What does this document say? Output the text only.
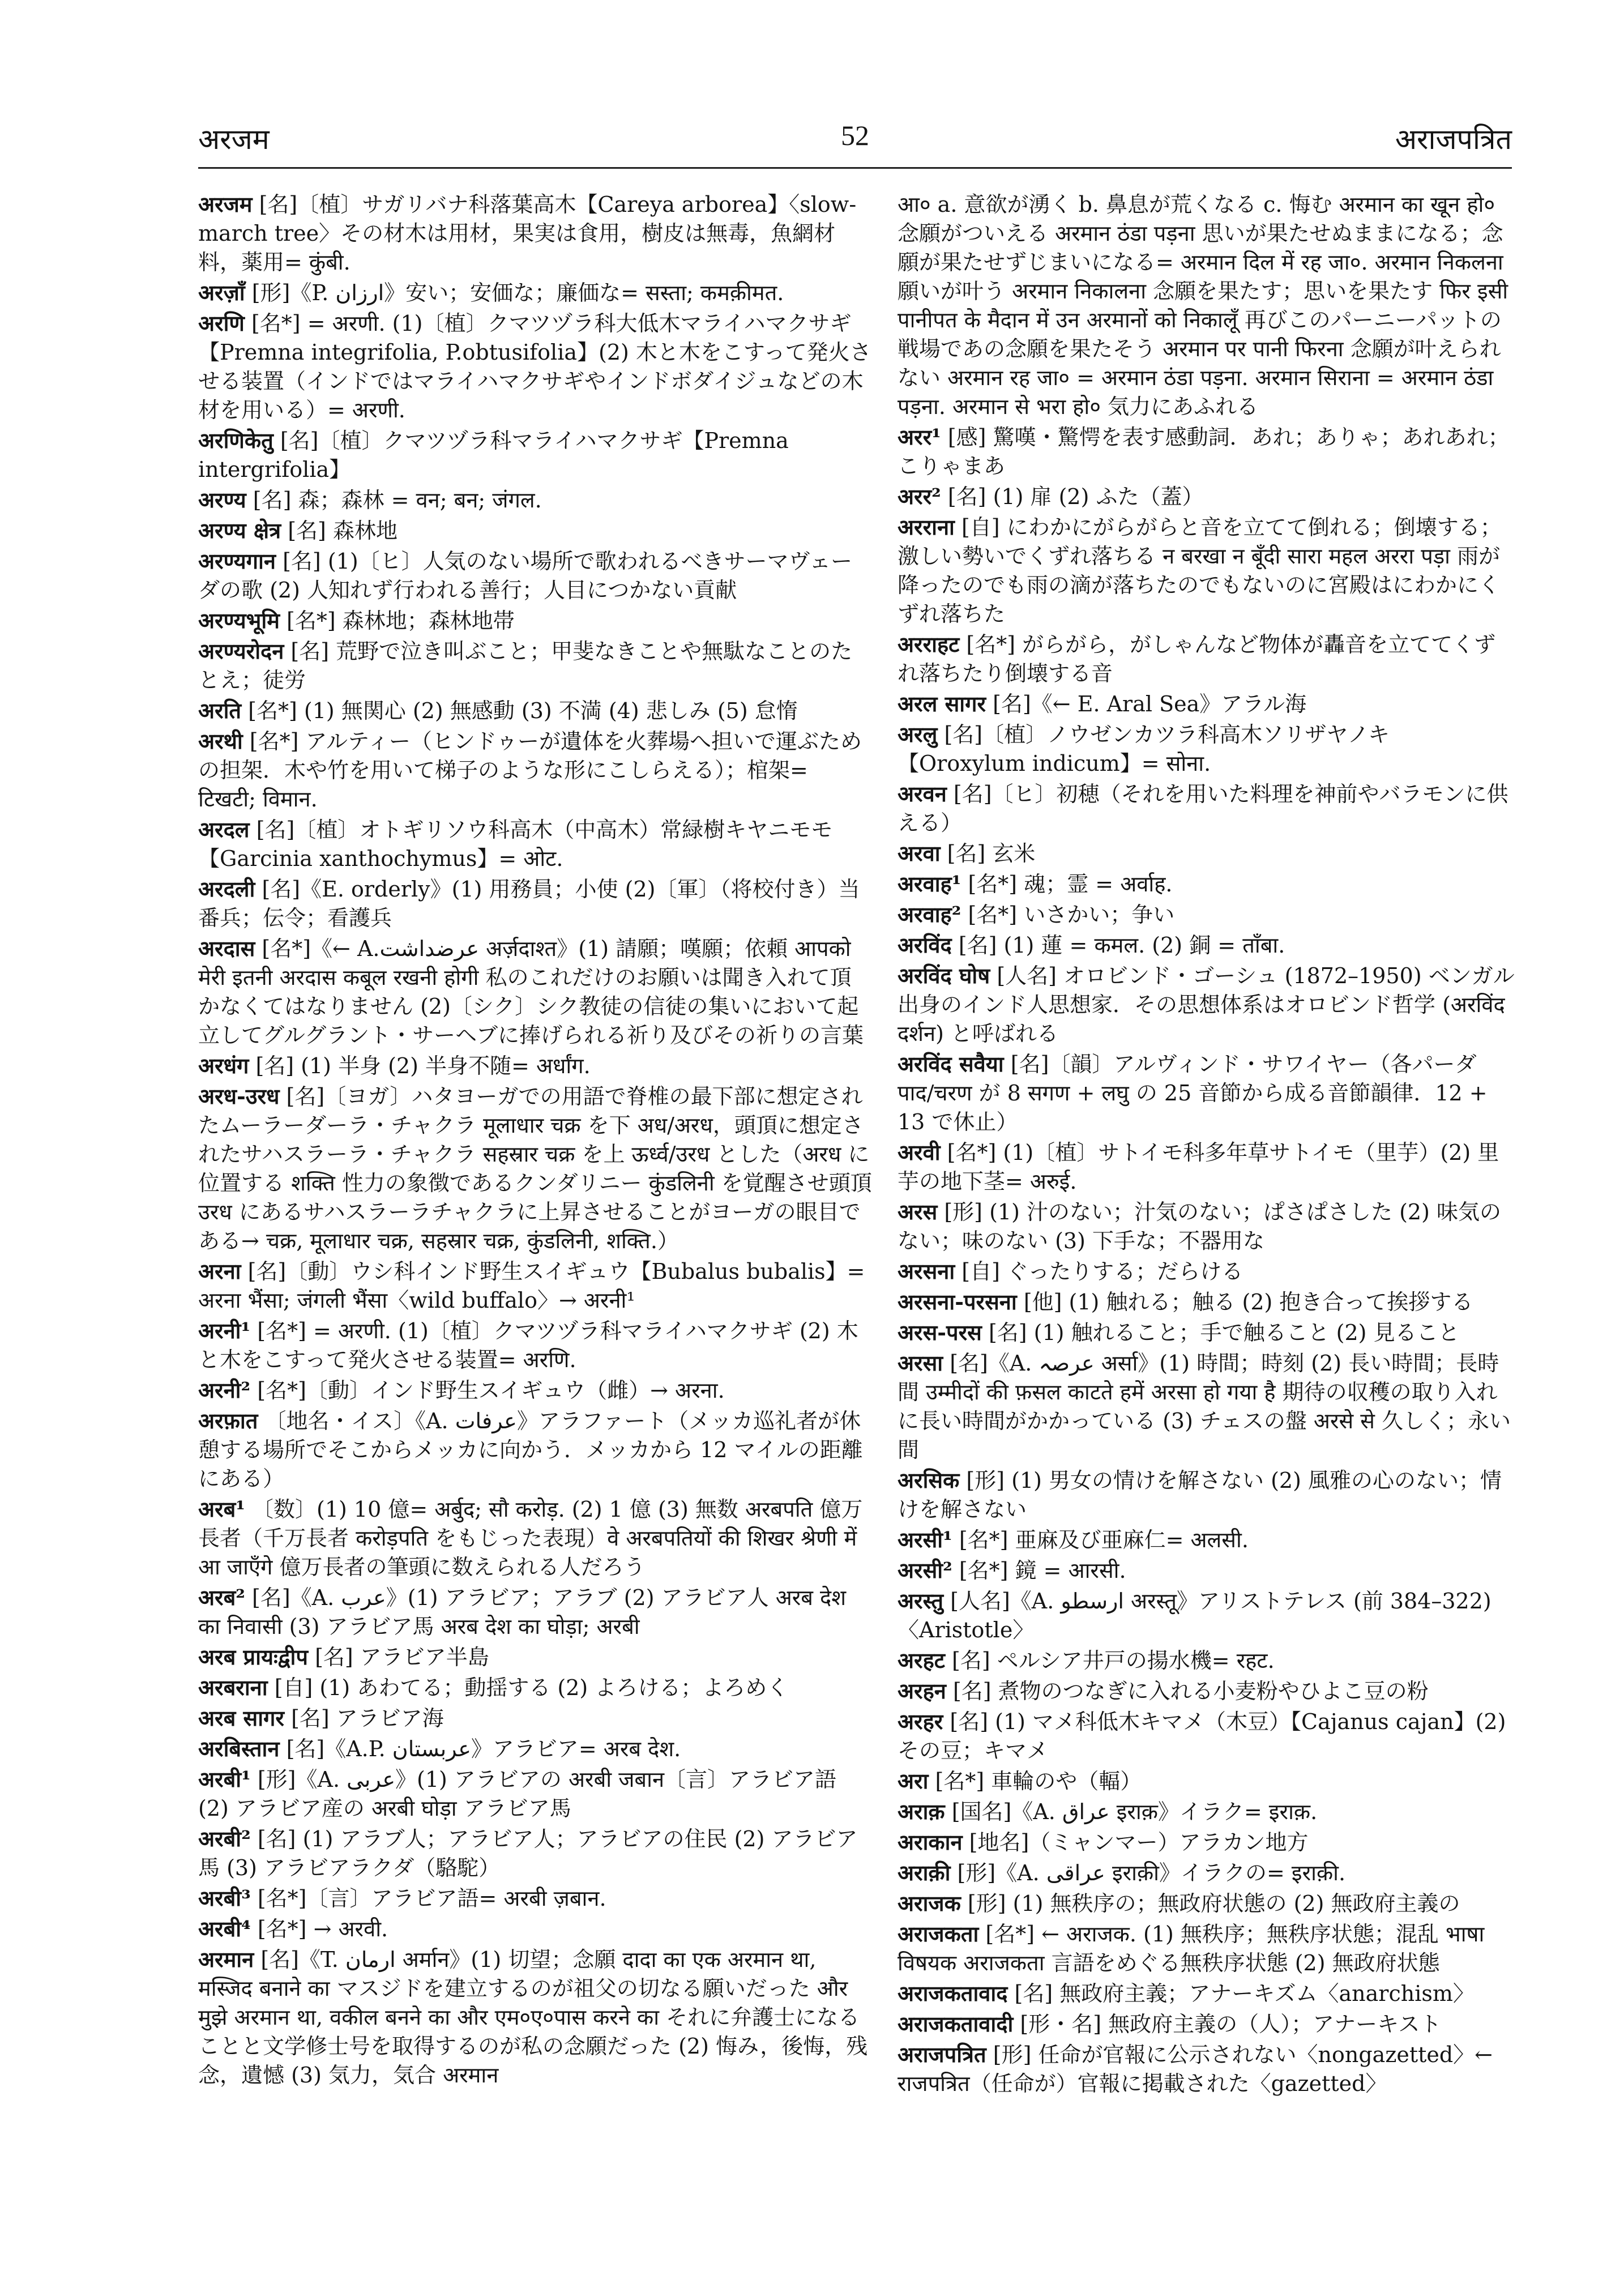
अरजम	52	अराजपत्रित
अरजम [名]〔植〕サガリバナ科落葉高木【Careya arborea】〈slow-march tree〉その材木は用材，果実は食用，樹皮は無毒，魚網材料，薬用= कुंबी.
अरज़ाँ [形]《P. ارزان》安い；安価な；廉価な= सस्ता; कमक़ीमत.
अरणि [名*] = अरणी. (1)〔植〕クマツヅラ科大低木マライハマクサギ【Premna integrifolia, P.obtusifolia】(2) 木と木をこすって発火させる装置（インドではマライハマクサギやインドボダイジュなどの木材を用いる）= अरणी.
अरणिकेतु [名]〔植〕クマツヅラ科マライハマクサギ【Premna intergrifolia】
अरण्य [名] 森；森林 = वन; बन; जंगल.
अरण्य क्षेत्र [名] 森林地
अरण्यगान [名] (1)〔ヒ〕人気のない場所で歌われるべきサーマヴェーダの歌 (2) 人知れず行われる善行；人目につかない貢献
अरण्यभूमि [名*] 森林地；森林地帯
अरण्यरोदन [名] 荒野で泣き叫ぶこと；甲斐なきことや無駄なことのたとえ；徒労
अरति [名*] (1) 無関心 (2) 無感動 (3) 不満 (4) 悲しみ (5) 怠惰
अरथी [名*] アルティー（ヒンドゥーが遺体を火葬場へ担いで運ぶための担架．木や竹を用いて梯子のような形にこしらえる）；棺架= टिखटी; विमान.
अरदल [名]〔植〕オトギリソウ科高木（中高木）常緑樹キヤニモモ【Garcinia xanthochymus】= ओट.
अरदली [名]《E. orderly》(1) 用務員；小使 (2)〔軍〕（将校付き）当番兵；伝令；看護兵
अरदास [名*]《← A.عرضداشت अर्ज़दाश्त》(1) 請願；嘆願；依頼 आपको मेरी इतनी अरदास कबूल रखनी होगी 私のこれだけのお願いは聞き入れて頂かなくてはなりません (2)〔シク〕シク教徒の信徒の集いにおいて起立してグルグラント・サーヘブに捧げられる祈り及びその祈りの言葉
अरधंग [名] (1) 半身 (2) 半身不随= अर्धांग.
अरध-उरध [名]〔ヨガ〕ハタヨーガでの用語で脊椎の最下部に想定されたムーラーダーラ・チャクラ मूलाधार चक्र を下 अध/अरध，頭頂に想定されたサハスラーラ・チャクラ सहस्रार चक्र を上 ऊर्ध्व/उरध とした（अरध に位置する शक्ति 性力の象徴であるクンダリニー कुंडलिनी を覚醒させ頭頂 उरध にあるサハスラーラチャクラに上昇させることがヨーガの眼目である→ चक्र, मूलाधार चक्र, सहस्रार चक्र, कुंडलिनी, शक्ति.）
अरना [名]〔動〕ウシ科インド野生スイギュウ【Bubalus bubalis】= अरना भैंसा; जंगली भैंसा〈wild buffalo〉→ अरनी¹
अरनी¹ [名*] = अरणी. (1)〔植〕クマツヅラ科マライハマクサギ (2) 木と木をこすって発火させる装置= अरणि.
अरनी² [名*]〔動〕インド野生スイギュウ（雌）→ अरना.
अरफ़ात 〔地名・イス〕《A. عرفات》アラファート（メッカ巡礼者が休憩する場所でそこからメッカに向かう．メッカから 12 マイルの距離にある）
अरब¹ 〔数〕(1) 10 億= अर्बुद; सौ करोड़. (2) 1 億 (3) 無数 अरबपति 億万長者（千万長者 करोड़पति をもじった表現）वे अरबपतियों की शिखर श्रेणी में आ जाएँगे 億万長者の筆頭に数えられる人だろう
अरब² [名]《A. عرب》(1) アラビア；アラブ (2) アラビア人 अरब देश का निवासी (3) アラビア馬 अरब देश का घोड़ा; अरबी
अरब प्रायःद्वीप [名] アラビア半島
अरबराना [自] (1) あわてる；動揺する (2) よろける；よろめく
अरब सागर [名] アラビア海
अरबिस्तान [名]《A.P. عربستان》アラビア= अरब देश.
अरबी¹ [形]《A. عربی》(1) アラビアの अरबी जबान〔言〕アラビア語 (2) アラビア産の अरबी घोड़ा アラビア馬
अरबी² [名] (1) アラブ人；アラビア人；アラビアの住民 (2) アラビア馬 (3) アラビアラクダ（駱駝）
अरबी³ [名*]〔言〕アラビア語= अरबी ज़बान.
अरबी⁴ [名*] → अरवी.
अरमान [名]《T. ارمان अर्मान》(1) 切望；念願 दादा का एक अरमान था, मस्जिद बनाने का マスジドを建立するのが祖父の切なる願いだった और मुझे अरमान था, वकील बनने का और एम०ए०पास करने का それに弁護士になることと文学修士号を取得するのが私の念願だった (2) 悔み，後悔，残念，遺憾 (3) 気力，気合 अरमान
आ० a. 意欲が湧く b. 鼻息が荒くなる c. 悔む अरमान का खून हो० 念願がついえる अरमान ठंडा पड़ना 思いが果たせぬままになる；念願が果たせずじまいになる= अरमान दिल में रह जा०. अरमान निकलना 願いが叶う अरमान निकालना 念願を果たす；思いを果たす फिर इसी पानीपत के मैदान में उन अरमानों को निकालूँ 再びこのパーニーパットの戦場であの念願を果たそう अरमान पर पानी फिरना 念願が叶えられない अरमान रह जा० = अरमान ठंडा पड़ना. अरमान सिराना = अरमान ठंडा पड़ना. अरमान से भरा हो० 気力にあふれる
अरर¹ [感] 驚嘆・驚愕を表す感動詞．あれ；ありゃ；あれあれ；こりゃまあ
अरर² [名] (1) 扉 (2) ふた（蓋）
अरराना [自] にわかにがらがらと音を立てて倒れる；倒壊する；激しい勢いでくずれ落ちる न बरखा न बूँदी सारा महल अररा पड़ा 雨が降ったのでも雨の滴が落ちたのでもないのに宮殿はにわかにくずれ落ちた
अरराहट [名*] がらがら，がしゃんなど物体が轟音を立ててくずれ落ちたり倒壊する音
अरल सागर [名]《← E. Aral Sea》アラル海
अरलु [名]〔植〕ノウゼンカツラ科高木ソリザヤノキ【Oroxylum indicum】= सोना.
अरवन [名]〔ヒ〕初穂（それを用いた料理を神前やバラモンに供える）
अरवा [名] 玄米
अरवाह¹ [名*] 魂；霊 = अर्वाह.
अरवाह² [名*] いさかい；争い
अरविंद [名] (1) 蓮 = कमल. (2) 銅 = ताँबा.
अरविंद घोष [人名] オロビンド・ゴーシュ (1872–1950) ベンガル出身のインド人思想家．その思想体系はオロビンド哲学 (अरविंद दर्शन) と呼ばれる
अरविंद सवैया [名]〔韻〕アルヴィンド・サワイヤー（各パーダ पाद/चरण が 8 सगण + लघु の 25 音節から成る音節韻律．12 + 13 で休止）
अरवी [名*] (1)〔植〕サトイモ科多年草サトイモ（里芋）(2) 里芋の地下茎= अरुई.
अरस [形] (1) 汁のない；汁気のない；ぱさぱさした (2) 味気のない；味のない (3) 下手な；不器用な
अरसना [自] ぐったりする；だらける
अरसना-परसना [他] (1) 触れる；触る (2) 抱き合って挨拶する
अरस-परस [名] (1) 触れること；手で触ること (2) 見ること
अरसा [名]《A. عرصہ अर्सा》(1) 時間；時刻 (2) 長い時間；長時間 उम्मीदों की फ़सल काटते हमें अरसा हो गया है 期待の収穫の取り入れに長い時間がかかっている (3) チェスの盤 अरसे से 久しく；永い間
अरसिक [形] (1) 男女の情けを解さない (2) 風雅の心のない；情けを解さない
अरसी¹ [名*] 亜麻及び亜麻仁= अलसी.
अरसी² [名*] 鏡 = आरसी.
अरस्तु [人名]《A. ارسطو अरस्तू》アリストテレス (前 384–322)〈Aristotle〉
अरहट [名] ペルシア井戸の揚水機= रहट.
अरहन [名] 煮物のつなぎに入れる小麦粉やひよこ豆の粉
अरहर [名] (1) マメ科低木キマメ（木豆）【Cajanus cajan】(2) その豆；キマメ
अरा [名*] 車輪のや（輻）
अराक़ [国名]《A. عراق इराक़》イラク= इराक़.
अराकान [地名]（ミャンマー）アラカン地方
अराक़ी [形]《A. عراقی इराक़ी》イラクの= इराक़ी.
अराजक [形] (1) 無秩序の；無政府状態の (2) 無政府主義の
अराजकता [名*] ← अराजक. (1) 無秩序；無秩序状態；混乱 भाषा विषयक अराजकता 言語をめぐる無秩序状態 (2) 無政府状態
अराजकतावाद [名] 無政府主義；アナーキズム〈anarchism〉
अराजकतावादी [形・名] 無政府主義の（人）；アナーキスト
अराजपत्रित [形] 任命が官報に公示されない〈nongazetted〉← राजपत्रित（任命が）官報に掲載された〈gazetted〉
